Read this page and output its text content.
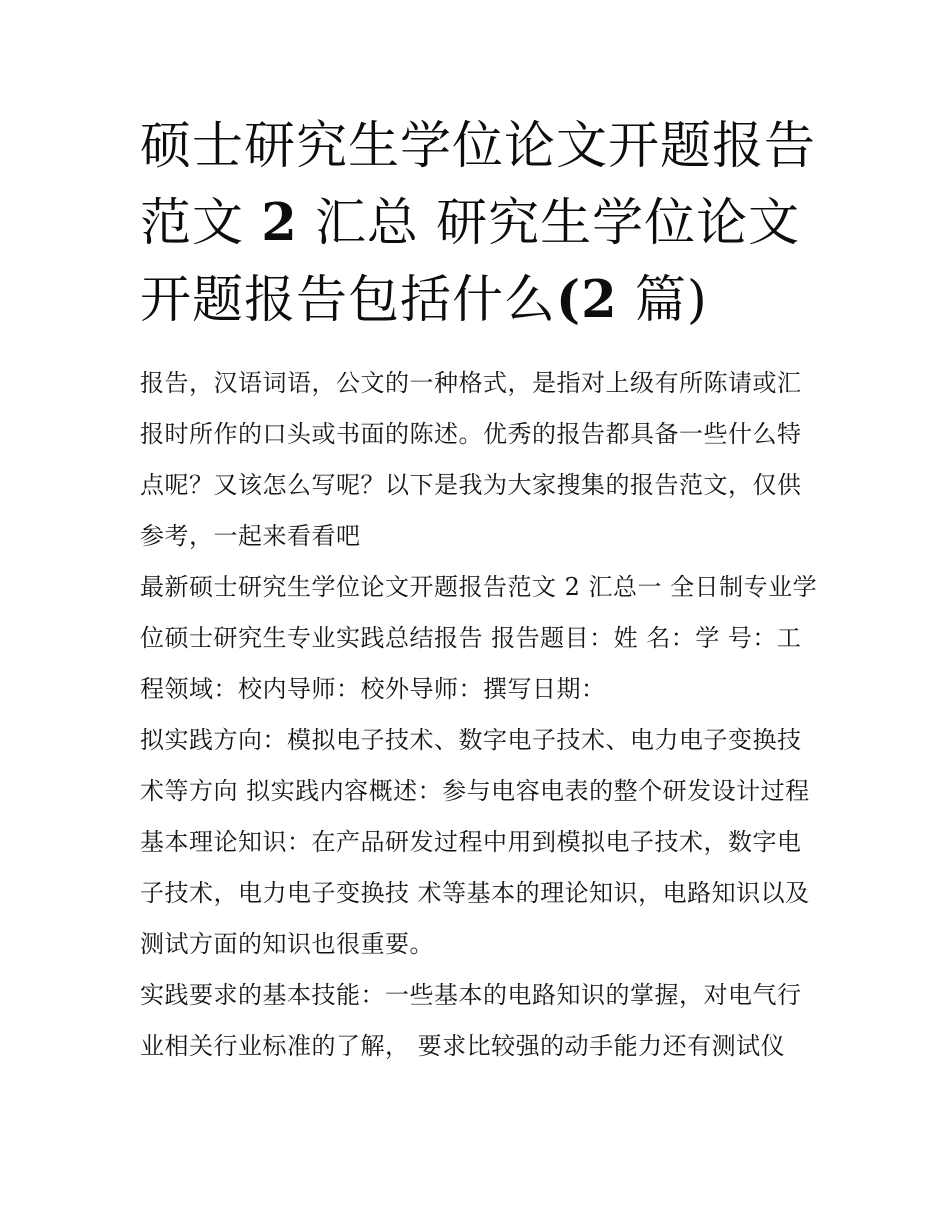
硕士研究生学位论文开题报告范文 2 汇总 研究生学位论文开题报告包括什么(2 篇)

报告，汉语词语，公文的一种格式，是指对上级有所陈请或汇报时所作的口头或书面的陈述。优秀的报告都具备一些什么特点呢？又该怎么写呢？以下是我为大家搜集的报告范文，仅供参考，一起来看看吧

最新硕士研究生学位论文开题报告范文 2 汇总一 全日制专业学位硕士研究生专业实践总结报告 报告题目：姓 名：学 号：工程领域：校内导师：校外导师：撰写日期：

拟实践方向：模拟电子技术、数字电子技术、电力电子变换技术等方向 拟实践内容概述：参与电容电表的整个研发设计过程

基本理论知识：在产品研发过程中用到模拟电子技术，数字电子技术，电力电子变换技 术等基本的理论知识，电路知识以及测试方面的知识也很重要。

实践要求的基本技能：一些基本的电路知识的掌握，对电气行业相关行业标准的了解， 要求比较强的动手能力还有测试仪
